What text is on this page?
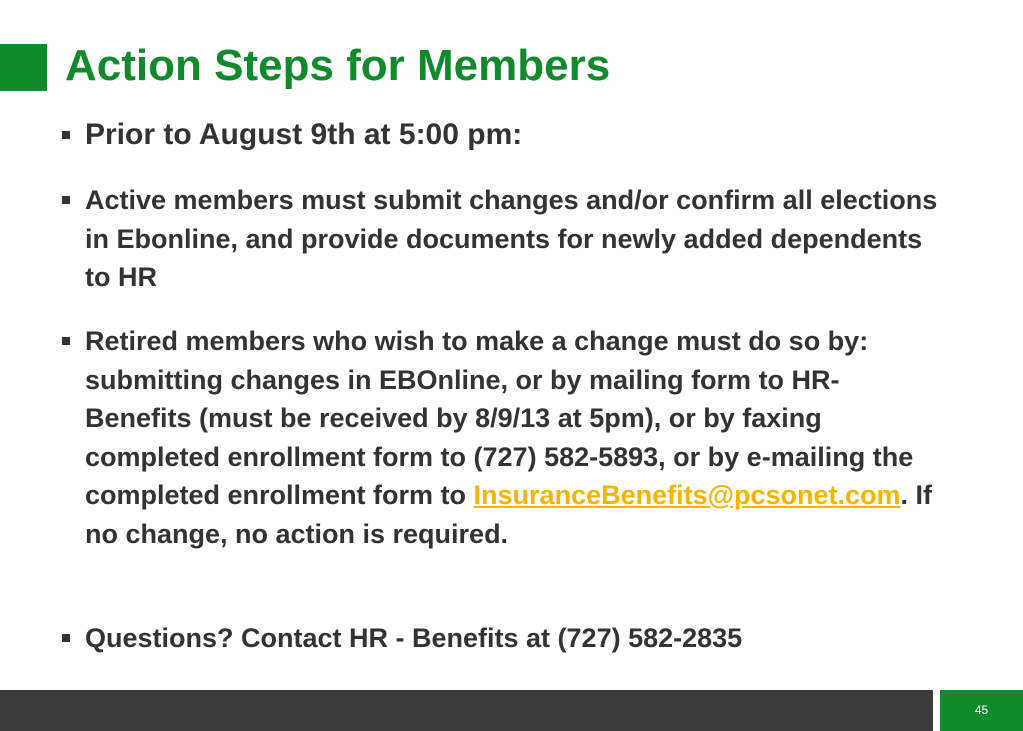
Action Steps for Members
Prior to August 9th at 5:00 pm:
Active members must submit changes and/or confirm all elections in Ebonline, and provide documents for newly added dependents to HR
Retired members who wish to make a change must do so by: submitting changes in EBOnline, or by mailing form to HR-Benefits (must be received by 8/9/13 at 5pm), or by faxing completed enrollment form to (727) 582-5893, or by e-mailing the completed enrollment form to InsuranceBenefits@pcsonet.com. If no change, no action is required.
Questions? Contact HR - Benefits at (727) 582-2835
45
